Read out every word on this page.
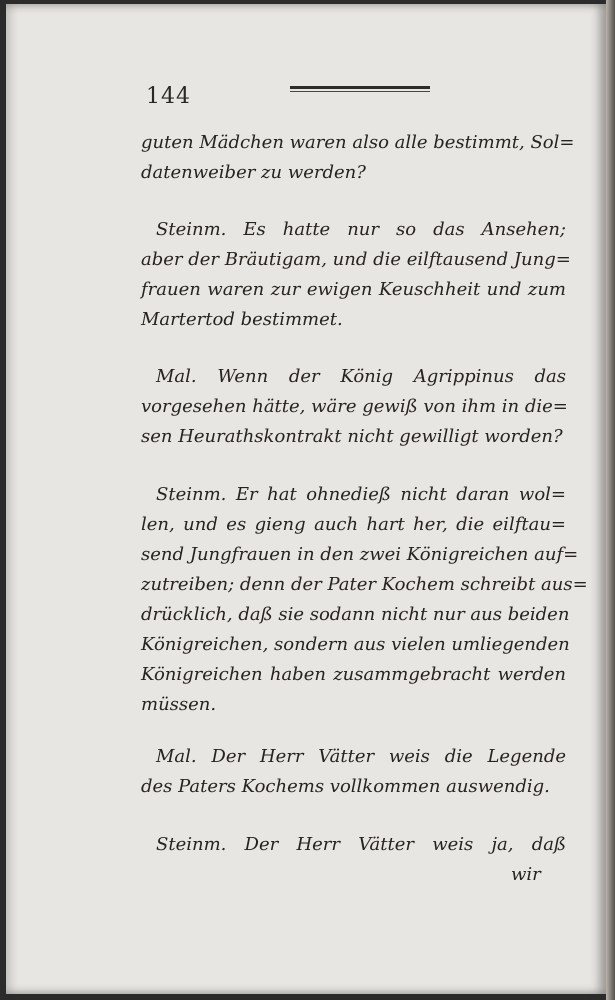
144
guten Mädchen waren also alle bestimmt, Sol=
datenweiber zu werden?
Steinm. Es hatte nur so das Ansehen;
aber der Bräutigam, und die eilftausend Jung=
frauen waren zur ewigen Keuschheit und zum
Martertod bestimmet.
Mal. Wenn der König Agrippinus das
vorgesehen hätte, wäre gewiß von ihm in die=
sen Heurathskontrakt nicht gewilligt worden?
Steinm. Er hat ohnedieß nicht daran wol=
len, und es gieng auch hart her, die eilftau=
send Jungfrauen in den zwei Königreichen auf=
zutreiben; denn der Pater Kochem schreibt aus=
drücklich, daß sie sodann nicht nur aus beiden
Königreichen, sondern aus vielen umliegenden
Königreichen haben zusammgebracht werden
müssen.
Mal. Der Herr Vätter weis die Legende
des Paters Kochems vollkommen auswendig.
Steinm. Der Herr Vätter weis ja, daß
wir
